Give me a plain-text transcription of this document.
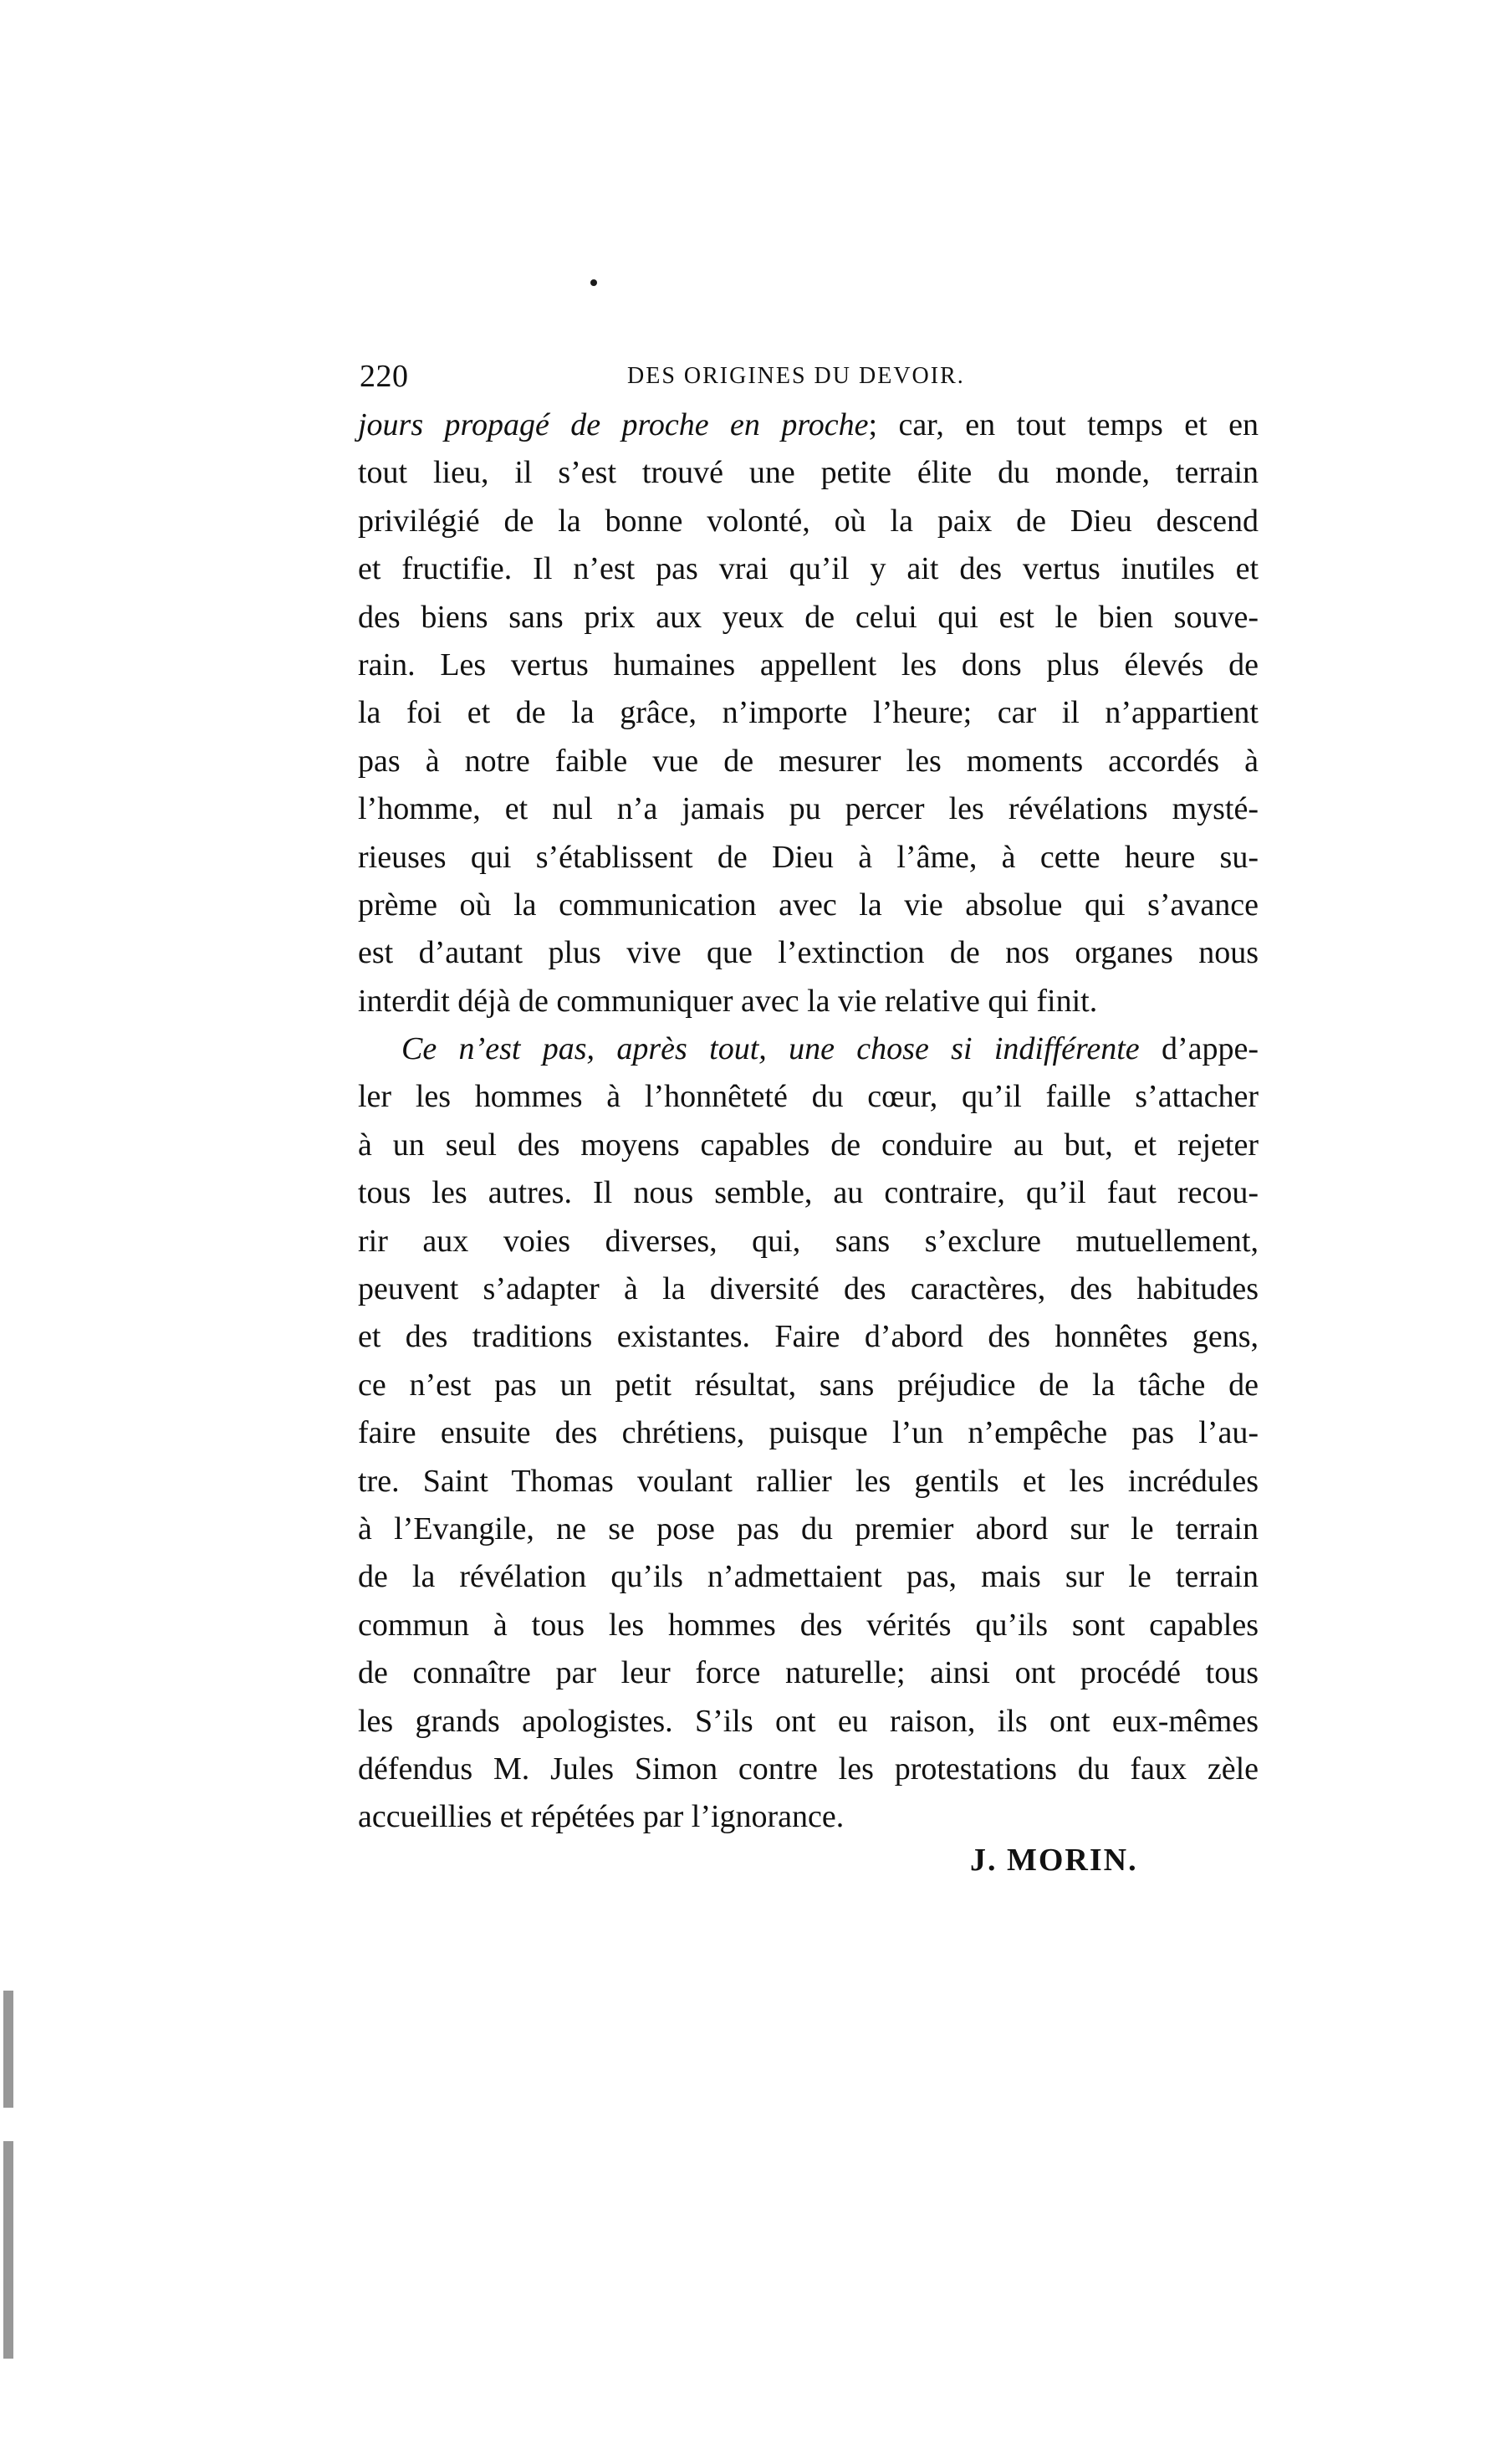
220	DES ORIGINES DU DEVOIR.
jours propagé de proche en proche; car, en tout temps et en
tout lieu, il s’est trouvé une petite élite du monde, terrain
privilégié de la bonne volonté, où la paix de Dieu descend
et fructifie. Il n’est pas vrai qu’il y ait des vertus inutiles et
des biens sans prix aux yeux de celui qui est le bien souve-
rain. Les vertus humaines appellent les dons plus élevés de
la foi et de la grâce, n’importe l’heure; car il n’appartient
pas à notre faible vue de mesurer les moments accordés à
l’homme, et nul n’a jamais pu percer les révélations mysté-
rieuses qui s’établissent de Dieu à l’âme, à cette heure su-
prème où la communication avec la vie absolue qui s’avance
est d’autant plus vive que l’extinction de nos organes nous
interdit déjà de communiquer avec la vie relative qui finit.
Ce n’est pas, après tout, une chose si indifférente d’appe-
ler les hommes à l’honnêteté du cœur, qu’il faille s’attacher
à un seul des moyens capables de conduire au but, et rejeter
tous les autres. Il nous semble, au contraire, qu’il faut recou-
rir aux voies diverses, qui, sans s’exclure mutuellement,
peuvent s’adapter à la diversité des caractères, des habitudes
et des traditions existantes. Faire d’abord des honnêtes gens,
ce n’est pas un petit résultat, sans préjudice de la tâche de
faire ensuite des chrétiens, puisque l’un n’empêche pas l’au-
tre. Saint Thomas voulant rallier les gentils et les incrédules
à l’Evangile, ne se pose pas du premier abord sur le terrain
de la révélation qu’ils n’admettaient pas, mais sur le terrain
commun à tous les hommes des vérités qu’ils sont capables
de connaître par leur force naturelle; ainsi ont procédé tous
les grands apologistes. S’ils ont eu raison, ils ont eux-mêmes
défendus M. Jules Simon contre les protestations du faux zèle
accueillies et répétées par l’ignorance.
J. MORIN.
